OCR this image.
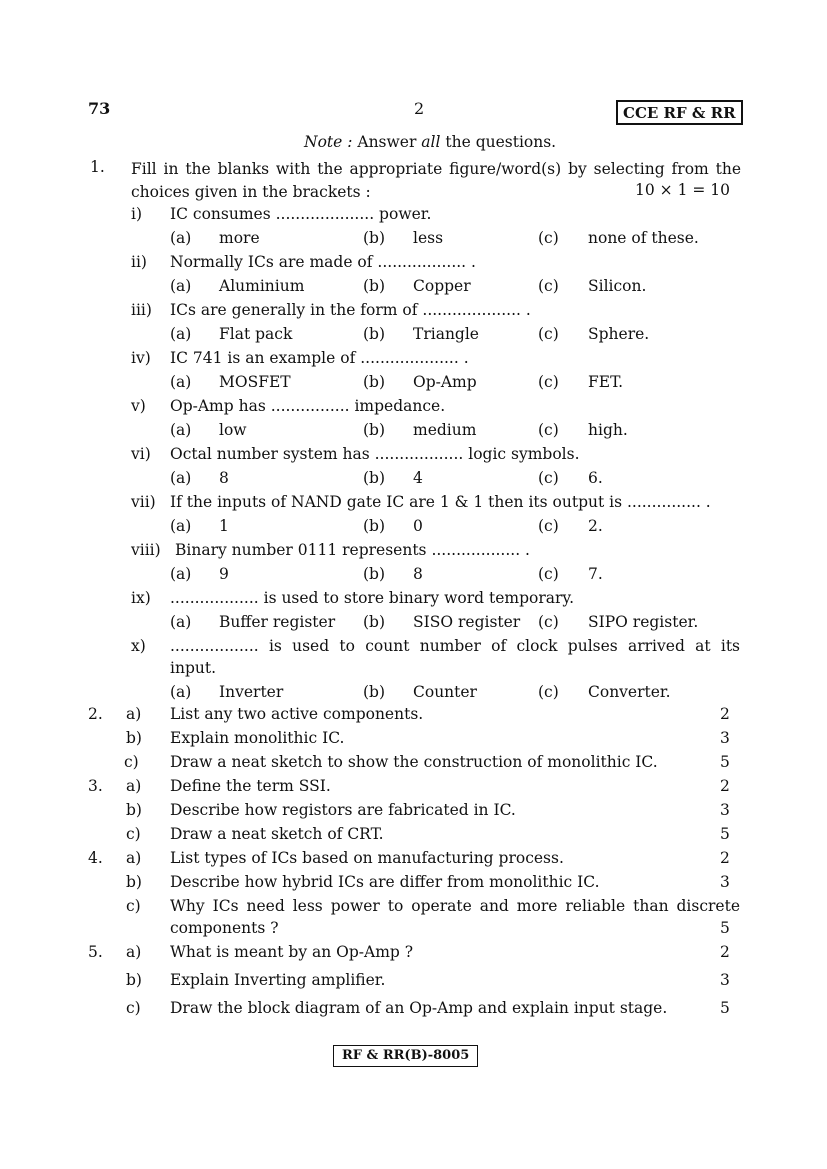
73	2	CCE RF & RR
Note : Answer all the questions.
1. Fill in the blanks with the appropriate figure/word(s) by selecting from the choices given in the brackets :	10 × 1 = 10
i) IC consumes .................... power.
(a) more	(b) less	(c) none of these.
ii) Normally ICs are made of .................. .
(a) Aluminium	(b) Copper	(c) Silicon.
iii) ICs are generally in the form of .................... .
(a) Flat pack	(b) Triangle	(c) Sphere.
iv) IC 741 is an example of .................... .
(a) MOSFET	(b) Op-Amp	(c) FET.
v) Op-Amp has ................ impedance.
(a) low	(b) medium	(c) high.
vi) Octal number system has .................. logic symbols.
(a) 8	(b) 4	(c) 6.
vii) If the inputs of NAND gate IC are 1 & 1 then its output is ............... .
(a) 1	(b) 0	(c) 2.
viii) Binary number 0111 represents .................. .
(a) 9	(b) 8	(c) 7.
ix) .................. is used to store binary word temporary.
(a) Buffer register (b) SISO register (c) SIPO register.
x) .................. is used to count number of clock pulses arrived at its
input.
(a) Inverter	(b) Counter	(c) Converter.
2. a) List any two active components.	2
b) Explain monolithic IC.	3
c) Draw a neat sketch to show the construction of monolithic IC.	5
3. a) Define the term SSI.	2
b) Describe how registors are fabricated in IC.	3
c) Draw a neat sketch of CRT.	5
4. a) List types of ICs based on manufacturing process.	2
b) Describe how hybrid ICs are differ from monolithic IC.	3
c) Why ICs need less power to operate and more reliable than discrete
components ?	5
5. a) What is meant by an Op-Amp ?	2
b) Explain Inverting amplifier.	3
c) Draw the block diagram of an Op-Amp and explain input stage.	5
RF & RR(B)-8005
